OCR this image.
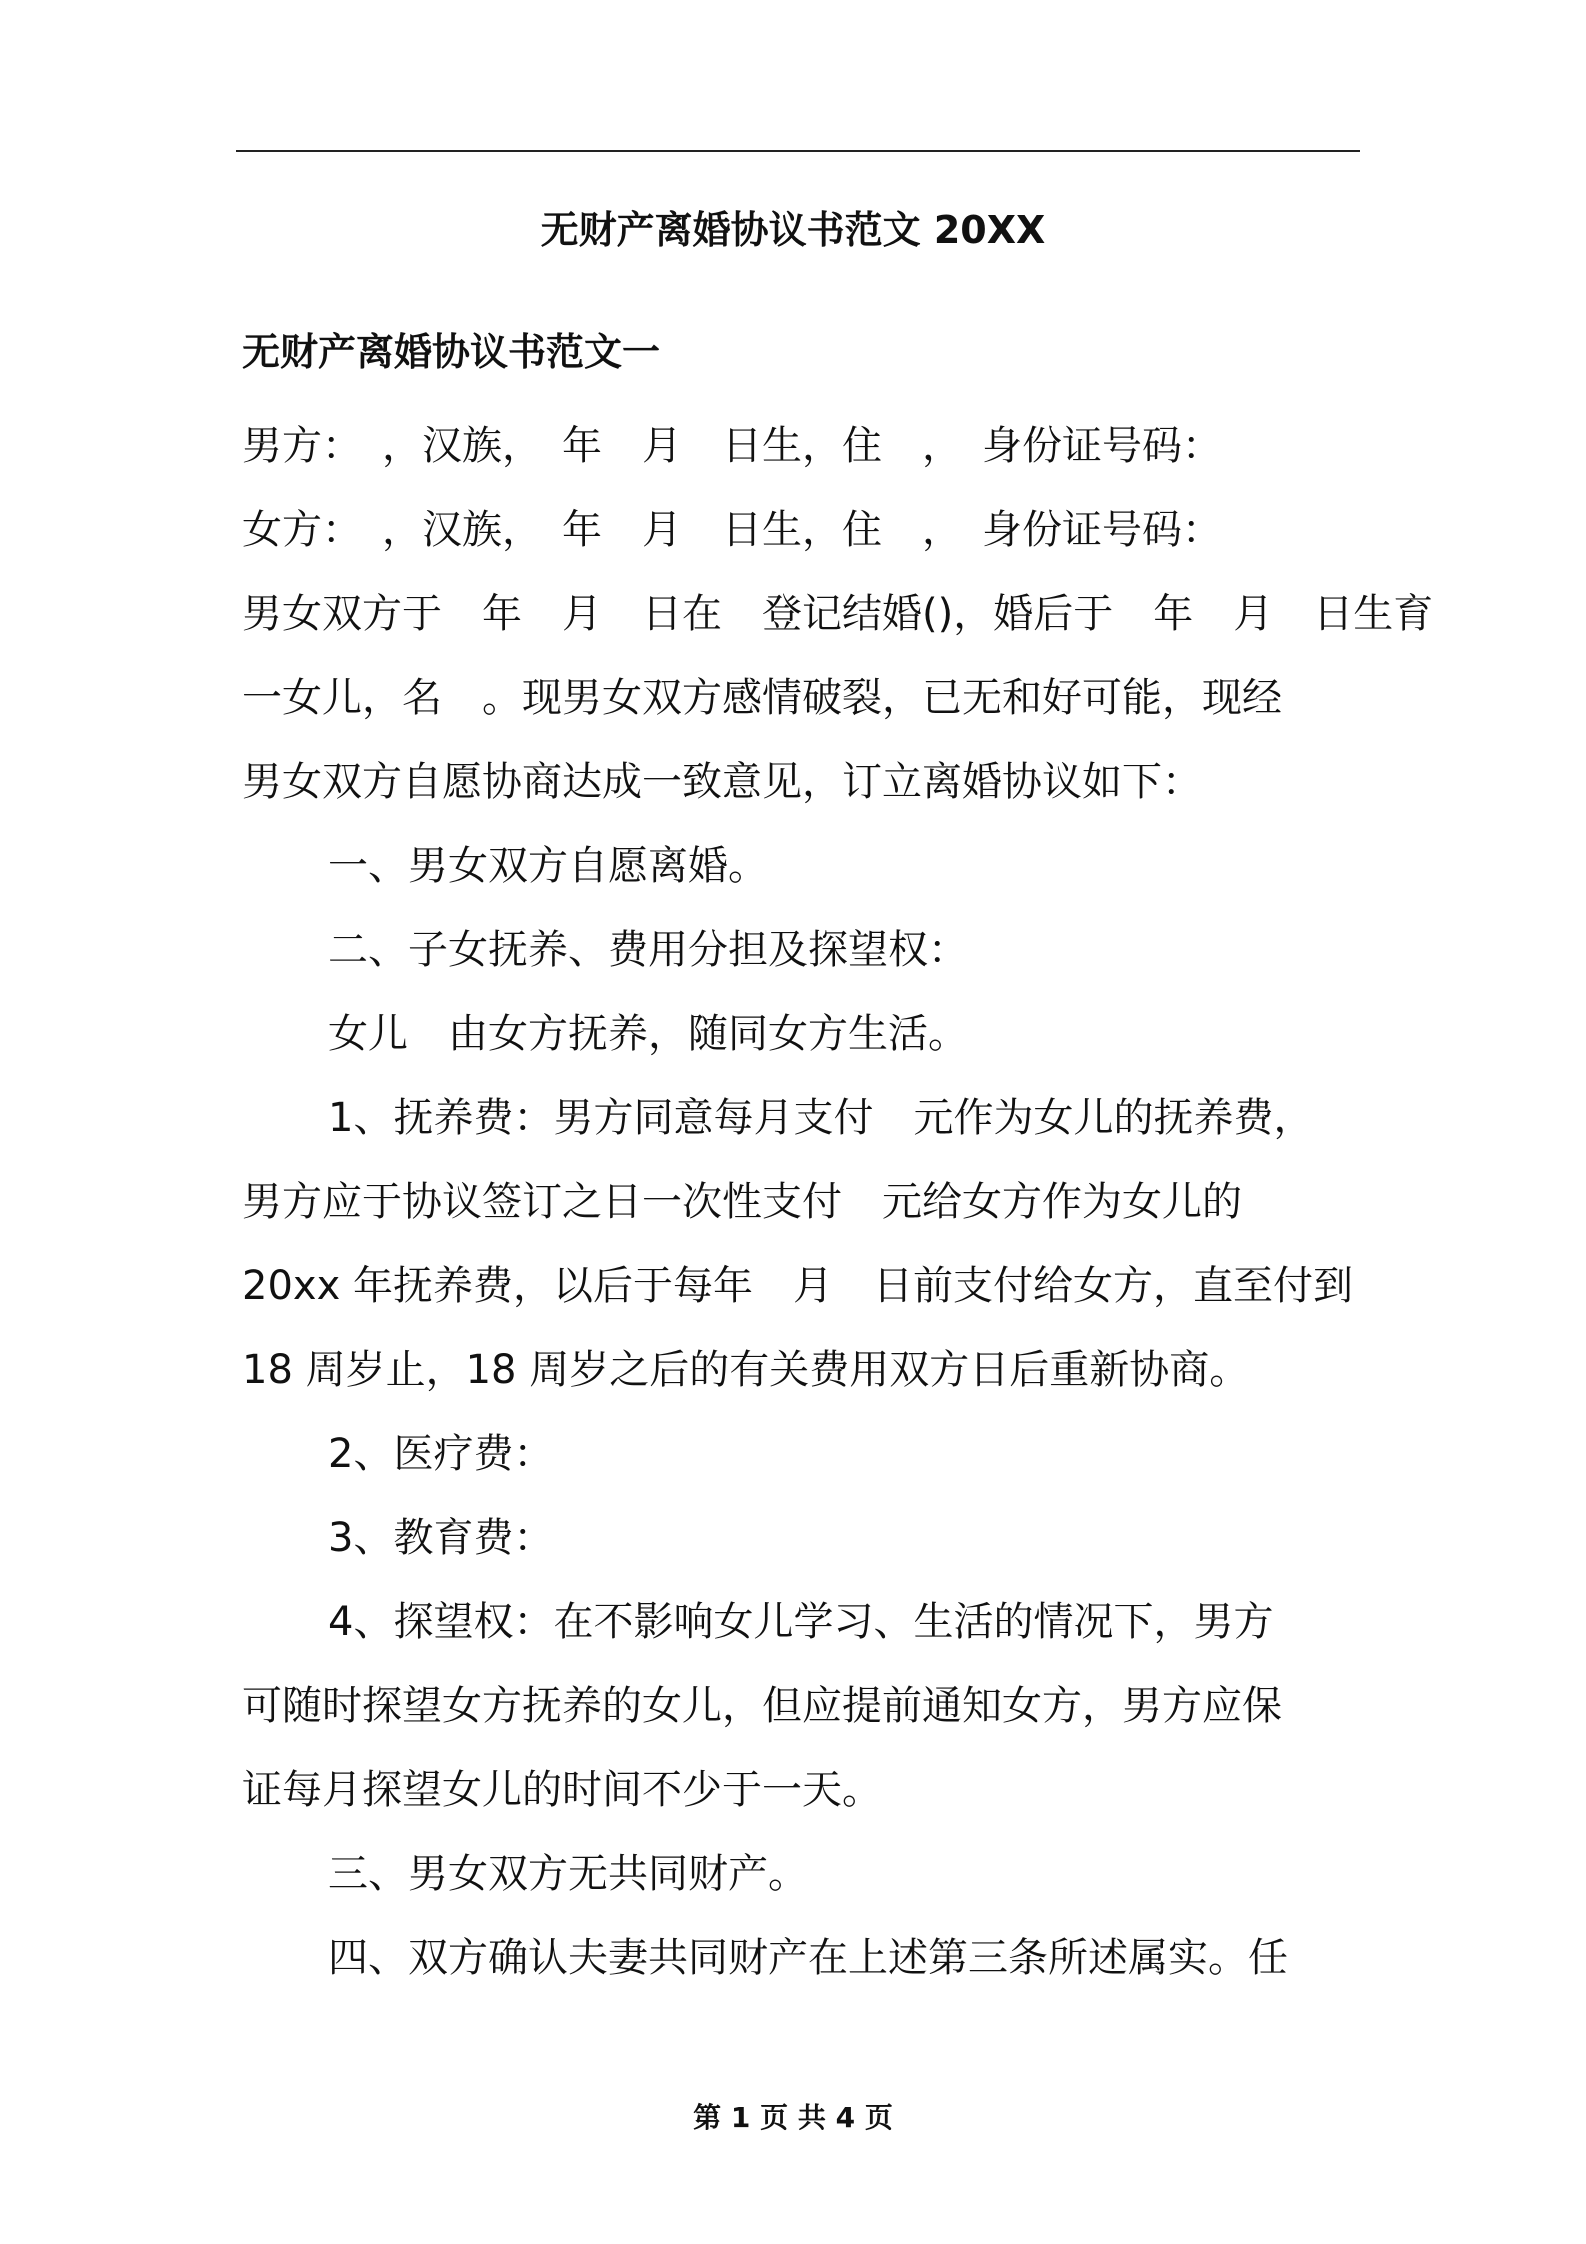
无财产离婚协议书范文 20XX
无财产离婚协议书范文一
男方：　，汉族，　年　月　日生，住　，　身份证号码：
女方：　，汉族，　年　月　日生，住　，　身份证号码：
男女双方于　年　月　日在　登记结婚()，婚后于　年　月　日生育
一女儿，名　。现男女双方感情破裂，已无和好可能，现经
男女双方自愿协商达成一致意见，订立离婚协议如下：
一、男女双方自愿离婚。
二、子女抚养、费用分担及探望权：
女儿　由女方抚养，随同女方生活。
1、抚养费：男方同意每月支付　元作为女儿的抚养费，
男方应于协议签订之日一次性支付　元给女方作为女儿的
20xx 年抚养费，以后于每年　月　日前支付给女方，直至付到
18 周岁止，18 周岁之后的有关费用双方日后重新协商。
2、医疗费：
3、教育费：
4、探望权：在不影响女儿学习、生活的情况下，男方
可随时探望女方抚养的女儿，但应提前通知女方，男方应保
证每月探望女儿的时间不少于一天。
三、男女双方无共同财产。
四、双方确认夫妻共同财产在上述第三条所述属实。任
第 1 页 共 4 页
